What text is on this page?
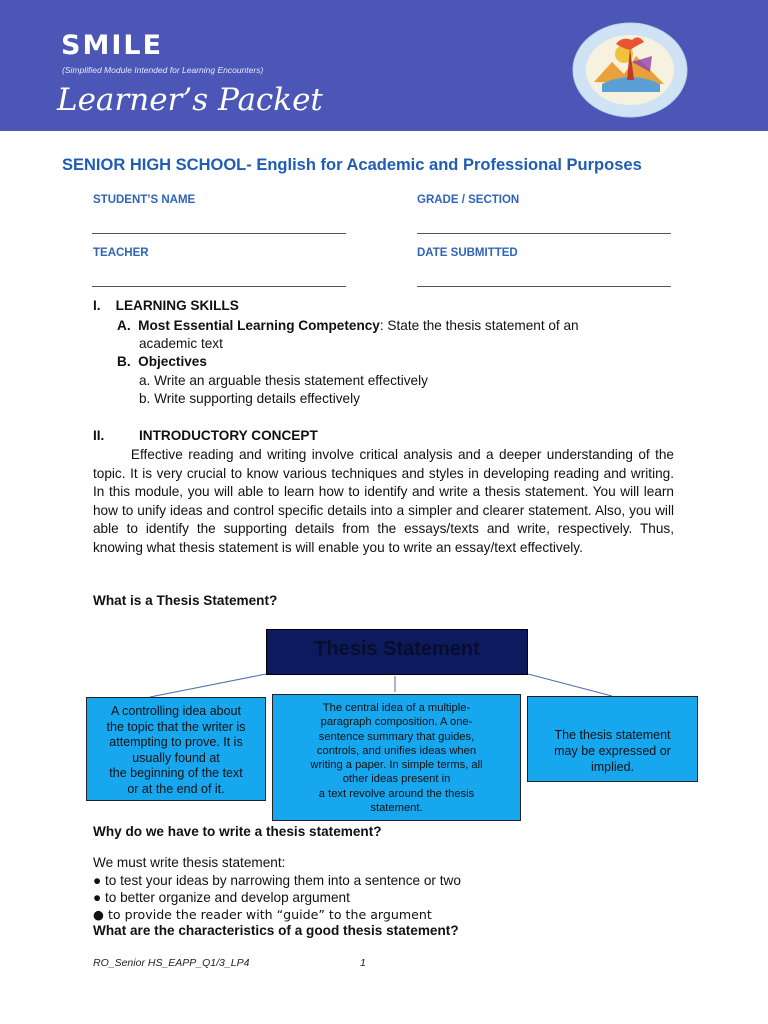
SMILE
(Simplified Module Intended for Learning Encounters)
Learner’s Packet
SENIOR HIGH SCHOOL- English for Academic and Professional Purposes
STUDENT’S NAME	GRADE / SECTION
TEACHER	DATE SUBMITTED
I.    LEARNING SKILLS
A.  Most Essential Learning Competency: State the thesis statement of an
academic text
B.  Objectives
a. Write an arguable thesis statement effectively
b. Write supporting details effectively
II.	INTRODUCTORY CONCEPT
Effective reading and writing involve critical analysis and a deeper understanding of the topic. It is very crucial to know various techniques and styles in developing reading and writing. In this module, you will able to learn how to identify and write a thesis statement. You will learn how to unify ideas and control specific details into a simpler and clearer statement. Also, you will able to identify the supporting details from the essays/texts and write, respectively. Thus, knowing what thesis statement is will enable you to write an essay/text effectively.
What is a Thesis Statement?
Thesis Statement
A controlling idea about
the topic that the writer is
attempting to prove. It is
usually found at
the beginning of the text
or at the end of it.
The central idea of a multiple-
paragraph composition. A one-
sentence summary that guides,
controls, and unifies ideas when
writing a paper. In simple terms, all
other ideas present in
a text revolve around the thesis
statement.
The thesis statement
may be expressed or
implied.
Why do we have to write a thesis statement?
We must write thesis statement:
● to test your ideas by narrowing them into a sentence or two
● to better organize and develop argument
● to provide the reader with “guide” to the argument
What are the characteristics of a good thesis statement?
RO_Senior HS_EAPP_Q1/3_LP4	1
